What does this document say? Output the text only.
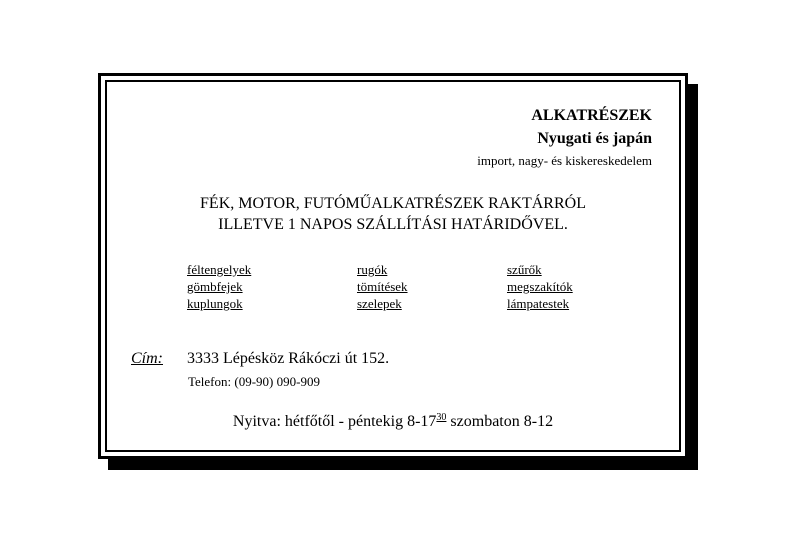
ALKATRÉSZEK
Nyugati és japán
import, nagy- és kiskereskedelem
FÉK, MOTOR, FUTÓMŰALKATRÉSZEK RAKTÁRRÓL
ILLETVE 1 NAPOS SZÁLLÍTÁSI HATÁRIDŐVEL.
féltengelyek
gömbfejek
kuplungok
rugók
tömítések
szelepek
szűrők
megszakítók
lámpatestek
Cím: 3333 Lépésköz Rákóczi út 152.
Telefon: (09-90) 090-909
Nyitva: hétfőtől - péntekig $8-17^{30}$ szombaton 8-12
